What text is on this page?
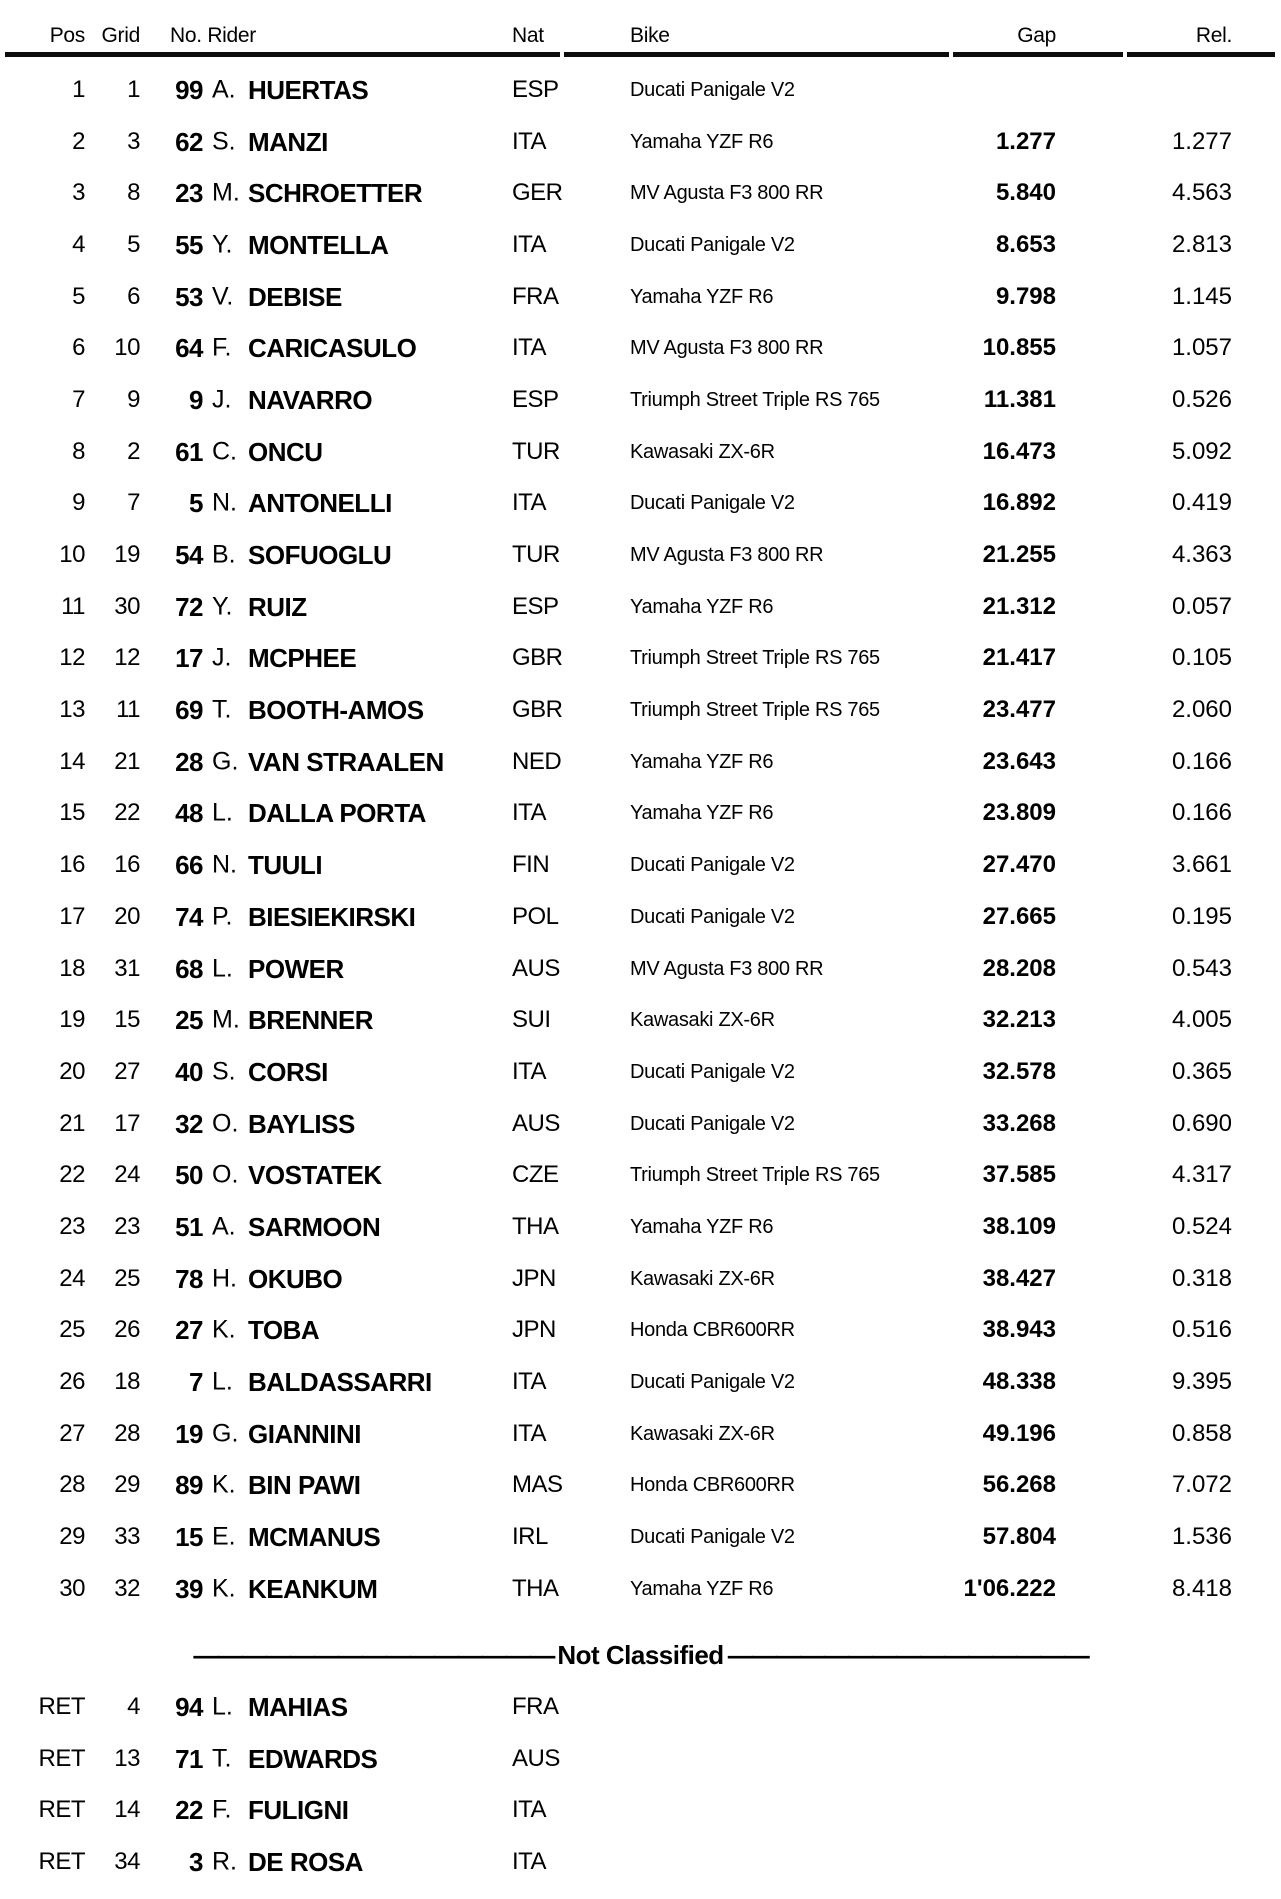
Pos Grid No. Rider	Nat	Bike	Gap	Rel.
1	1	99 A. HUERTAS	ESP	Ducati Panigale V2
2	3	62 S. MANZI	ITA	Yamaha YZF R6	1.277	1.277
3	8	23 M. SCHROETTER	GER	MV Agusta F3 800 RR	5.840	4.563
4	5	55 Y. MONTELLA	ITA	Ducati Panigale V2	8.653	2.813
5	6	53 V. DEBISE	FRA	Yamaha YZF R6	9.798	1.145
6	10	64 F. CARICASULO	ITA	MV Agusta F3 800 RR	10.855	1.057
7	9	9 J. NAVARRO	ESP	Triumph Street Triple RS 765	11.381	0.526
8	2	61 C. ONCU	TUR	Kawasaki ZX-6R	16.473	5.092
9	7	5 N. ANTONELLI	ITA	Ducati Panigale V2	16.892	0.419
10	19	54 B. SOFUOGLU	TUR	MV Agusta F3 800 RR	21.255	4.363
11	30	72 Y. RUIZ	ESP	Yamaha YZF R6	21.312	0.057
12	12	17 J. MCPHEE	GBR	Triumph Street Triple RS 765	21.417	0.105
13	11	69 T. BOOTH-AMOS	GBR	Triumph Street Triple RS 765	23.477	2.060
14	21	28 G. VAN STRAALEN	NED	Yamaha YZF R6	23.643	0.166
15	22	48 L. DALLA PORTA	ITA	Yamaha YZF R6	23.809	0.166
16	16	66 N. TUULI	FIN	Ducati Panigale V2	27.470	3.661
17	20	74 P. BIESIEKIRSKI	POL	Ducati Panigale V2	27.665	0.195
18	31	68 L. POWER	AUS	MV Agusta F3 800 RR	28.208	0.543
19	15	25 M. BRENNER	SUI	Kawasaki ZX-6R	32.213	4.005
20	27	40 S. CORSI	ITA	Ducati Panigale V2	32.578	0.365
21	17	32 O. BAYLISS	AUS	Ducati Panigale V2	33.268	0.690
22	24	50 O. VOSTATEK	CZE	Triumph Street Triple RS 765	37.585	4.317
23	23	51 A. SARMOON	THA	Yamaha YZF R6	38.109	0.524
24	25	78 H. OKUBO	JPN	Kawasaki ZX-6R	38.427	0.318
25	26	27 K. TOBA	JPN	Honda CBR600RR	38.943	0.516
26	18	7 L. BALDASSARRI	ITA	Ducati Panigale V2	48.338	9.395
27	28	19 G. GIANNINI	ITA	Kawasaki ZX-6R	49.196	0.858
28	29	89 K. BIN PAWI	MAS	Honda CBR600RR	56.268	7.072
29	33	15 E. MCMANUS	IRL	Ducati Panigale V2	57.804	1.536
30	32	39 K. KEANKUM	THA	Yamaha YZF R6	1'06.222	8.418
——————————————— Not Classified ———————————————
RET	4	94 L. MAHIAS	FRA
RET	13	71 T. EDWARDS	AUS
RET	14	22 F. FULIGNI	ITA
RET	34	3 R. DE ROSA	ITA
